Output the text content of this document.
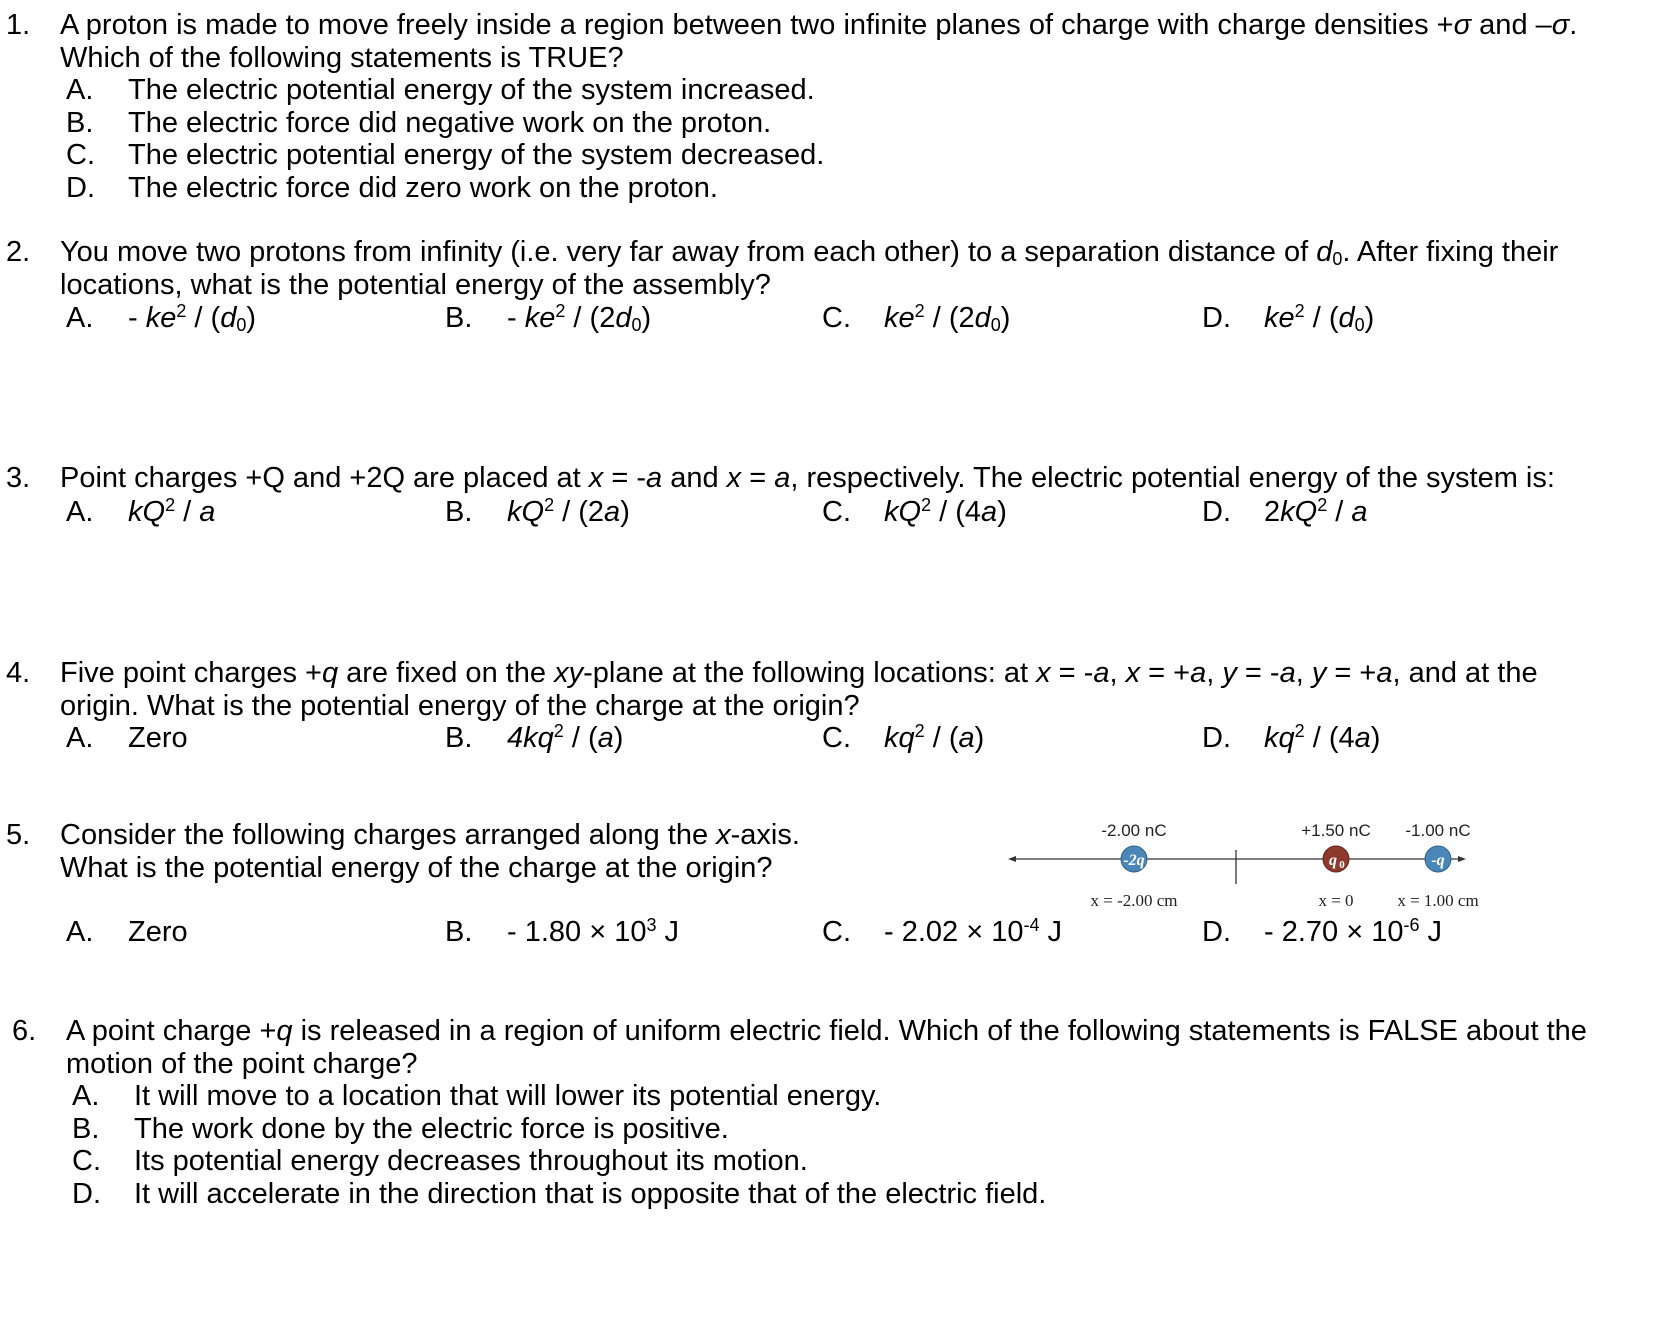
1. A proton is made to move freely inside a region between two infinite planes of charge with charge densities +σ and –σ.
Which of the following statements is TRUE?
A. The electric potential energy of the system increased.
B. The electric force did negative work on the proton.
C. The electric potential energy of the system decreased.
D. The electric force did zero work on the proton.
2. You move two protons from infinity (i.e. very far away from each other) to a separation distance of $d_0$. After fixing their
locations, what is the potential energy of the assembly?
A. - $ke^2 / (d_0)$	B. - $ke^2 / (2d_0)$	C. $ke^2 / (2d_0)$	D. $ke^2 / (d_0)$
3. Point charges +Q and +2Q are placed at x = -a and x = a, respectively. The electric potential energy of the system is:
A. $kQ^2$ / a	B. $kQ^2 / (2a)$	C. $kQ^2 / (4a)$	D. $2kQ^2$ / a
4. Five point charges +q are fixed on the xy-plane at the following locations: at x = -a, x = +a, y = -a, y = +a, and at the
origin. What is the potential energy of the charge at the origin?
A. Zero	B. $4kq^2 / (a)$	C. $kq^2 / (a)$	D. $kq^2 / (4a)$
5. Consider the following charges arranged along the x-axis.
What is the potential energy of the charge at the origin?
-2.00 nC	+1.50 nC -1.00 nC
-2q	q 0	-q
x = -2.00 cm	x = 0	x = 1.00 cm
A. Zero	B. - $1.80 \times 10^3$ J	C. - $2.02 \times 10^{-4}$ J	D. - $2.70 \times 10^{-6}$ J
6. A point charge +q is released in a region of uniform electric field. Which of the following statements is FALSE about the
motion of the point charge?
A. It will move to a location that will lower its potential energy.
B. The work done by the electric force is positive.
C. Its potential energy decreases throughout its motion.
D. It will accelerate in the direction that is opposite that of the electric field.
